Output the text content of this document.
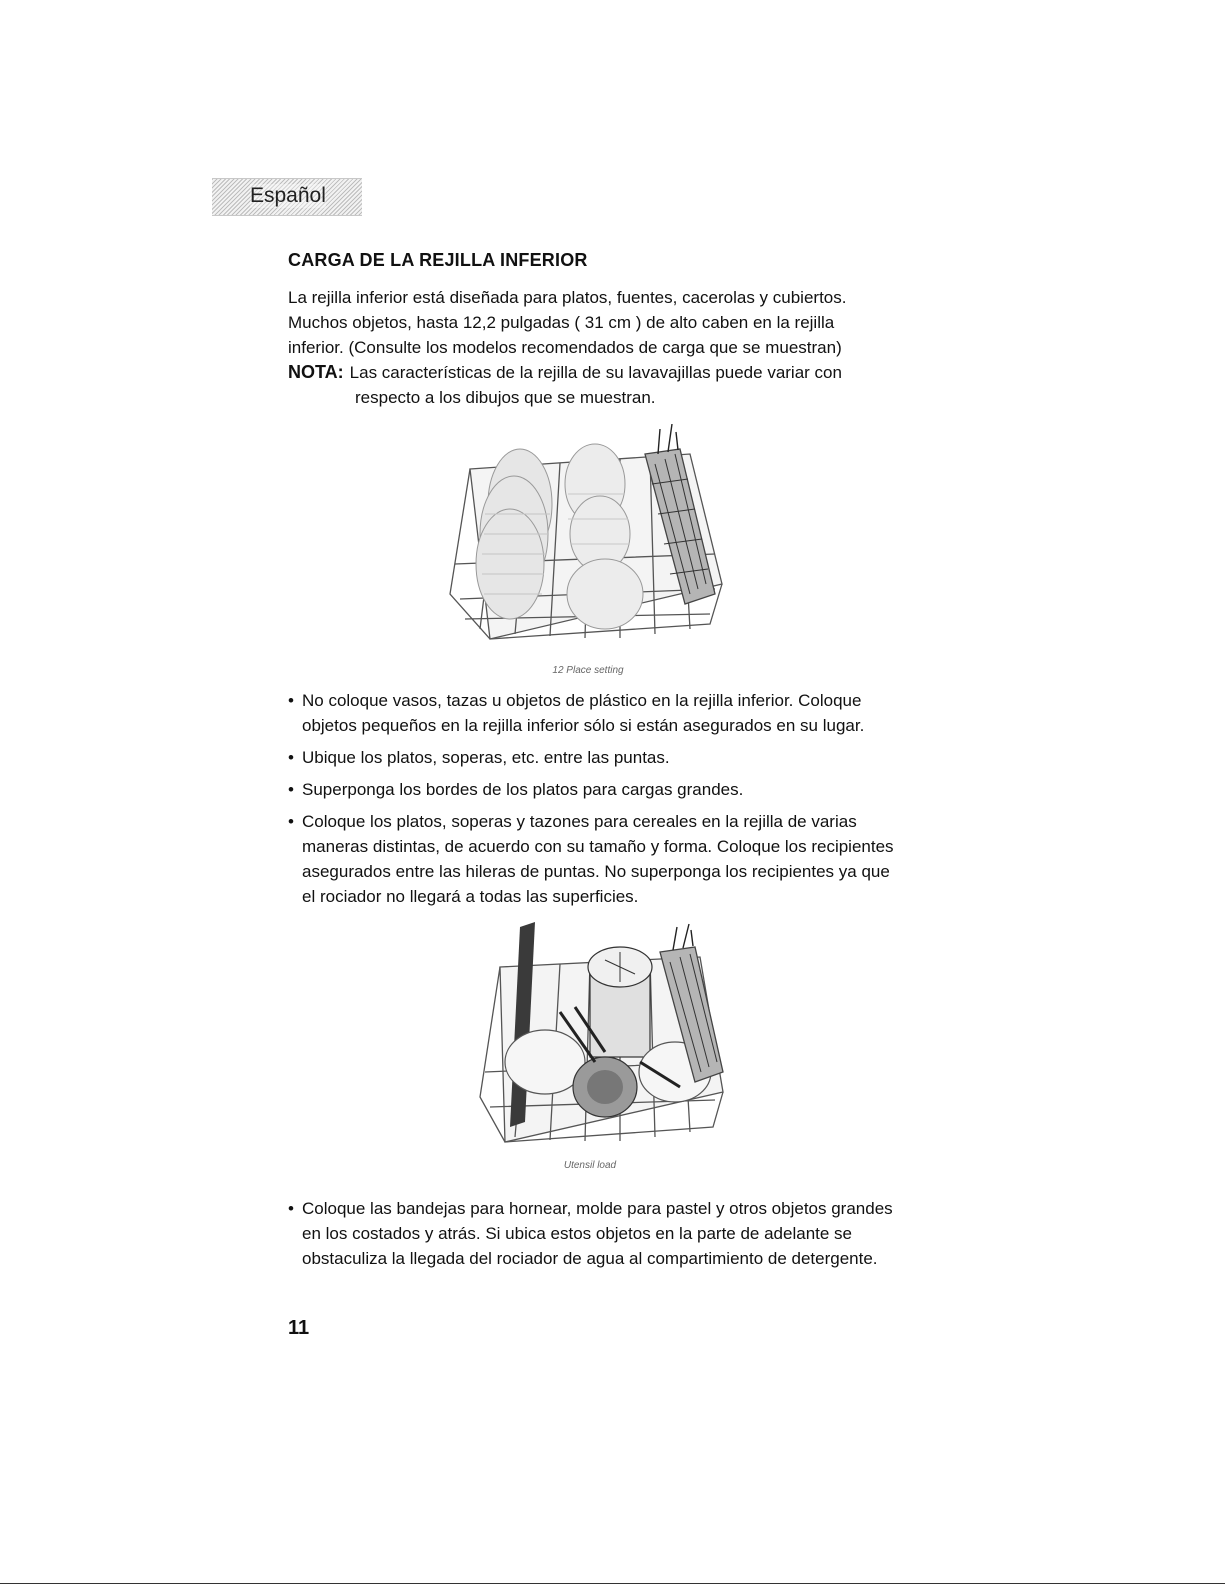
Español
CARGA DE LA REJILLA INFERIOR

La rejilla inferior está diseñada para platos, fuentes, cacerolas y cubiertos.

Muchos objetos, hasta 12,2 pulgadas ( 31 cm ) de alto caben en la rejilla

inferior. (Consulte los modelos recomendados de carga que se muestran)

NOTA: Las características de la rejilla de su lavavajillas puede variar con
respecto a los dibujos que se muestran.

12 Place setting
• No coloque vasos, tazas u objetos de plástico en la rejilla inferior. Coloque
objetos pequeños en la rejilla inferior sólo si están asegurados en su lugar.
• Ubique los platos, soperas, etc. entre las puntas.
• Superponga los bordes de los platos para cargas grandes.
• Coloque los platos, soperas y tazones para cereales en la rejilla de varias
maneras distintas, de acuerdo con su tamaño y forma. Coloque los recipientes
asegurados entre las hileras de puntas. No superponga los recipientes ya que
el rociador no llegará a todas las superficies.
Utensil load
• Coloque las bandejas para hornear, molde para pastel y otros objetos grandes
en los costados y atrás. Si ubica estos objetos en la parte de adelante se
obstaculiza la llegada del rociador de agua al compartimiento de detergente.
11
